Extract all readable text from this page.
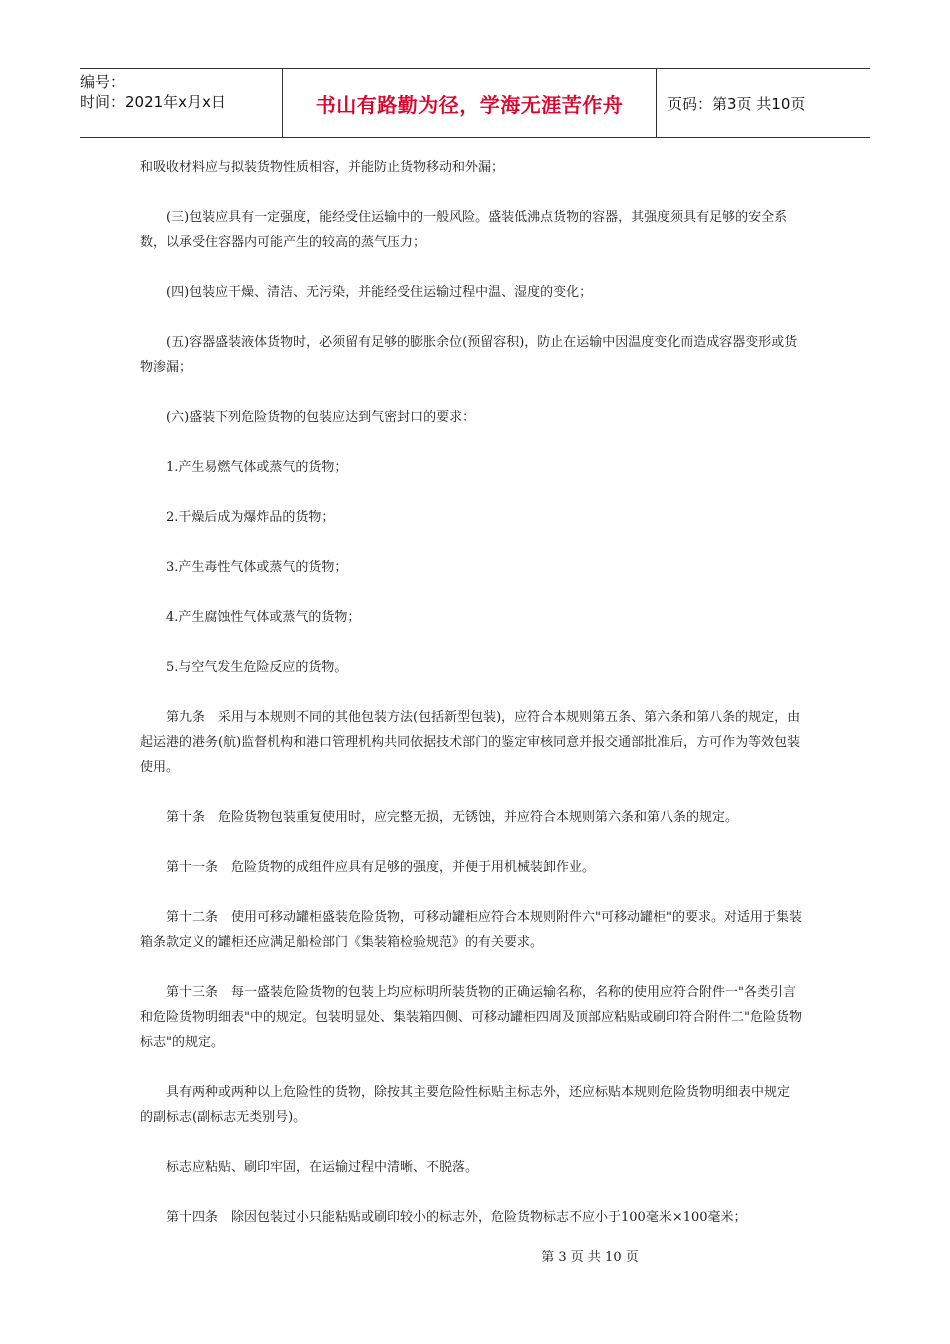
编号：
时间：2021年x月x日	书山有路勤为径，学海无涯苦作舟	页码：第3页 共10页

和吸收材料应与拟装货物性质相容，并能防止货物移动和外漏；

(三)包装应具有一定强度，能经受住运输中的一般风险。盛装低沸点货物的容器，其强度须具有足够的安全系数，以承受住容器内可能产生的较高的蒸气压力；

(四)包装应干燥、清洁、无污染，并能经受住运输过程中温、湿度的变化；

(五)容器盛装液体货物时，必须留有足够的膨胀余位(预留容积)，防止在运输中因温度变化而造成容器变形或货物渗漏；

(六)盛装下列危险货物的包装应达到气密封口的要求：

1.产生易燃气体或蒸气的货物；

2.干燥后成为爆炸品的货物；

3.产生毒性气体或蒸气的货物；

4.产生腐蚀性气体或蒸气的货物；

5.与空气发生危险反应的货物。

第九条　采用与本规则不同的其他包装方法(包括新型包装)，应符合本规则第五条、第六条和第八条的规定，由起运港的港务(航)监督机构和港口管理机构共同依据技术部门的鉴定审核同意并报交通部批准后，方可作为等效包装使用。

第十条　危险货物包装重复使用时，应完整无损，无锈蚀，并应符合本规则第六条和第八条的规定。

第十一条　危险货物的成组件应具有足够的强度，并便于用机械装卸作业。

第十二条　使用可移动罐柜盛装危险货物，可移动罐柜应符合本规则附件六"可移动罐柜"的要求。对适用于集装箱条款定义的罐柜还应满足船检部门《集装箱检验规范》的有关要求。

第十三条　每一盛装危险货物的包装上均应标明所装货物的正确运输名称，名称的使用应符合附件一"各类引言和危险货物明细表"中的规定。包装明显处、集装箱四侧、可移动罐柜四周及顶部应粘贴或刷印符合附件二"危险货物标志"的规定。

具有两种或两种以上危险性的货物，除按其主要危险性标贴主标志外，还应标贴本规则危险货物明细表中规定的副标志(副标志无类别号)。

标志应粘贴、刷印牢固，在运输过程中清晰、不脱落。

第十四条　除因包装过小只能粘贴或刷印较小的标志外，危险货物标志不应小于100毫米×100毫米；

第 3 页 共 10 页
